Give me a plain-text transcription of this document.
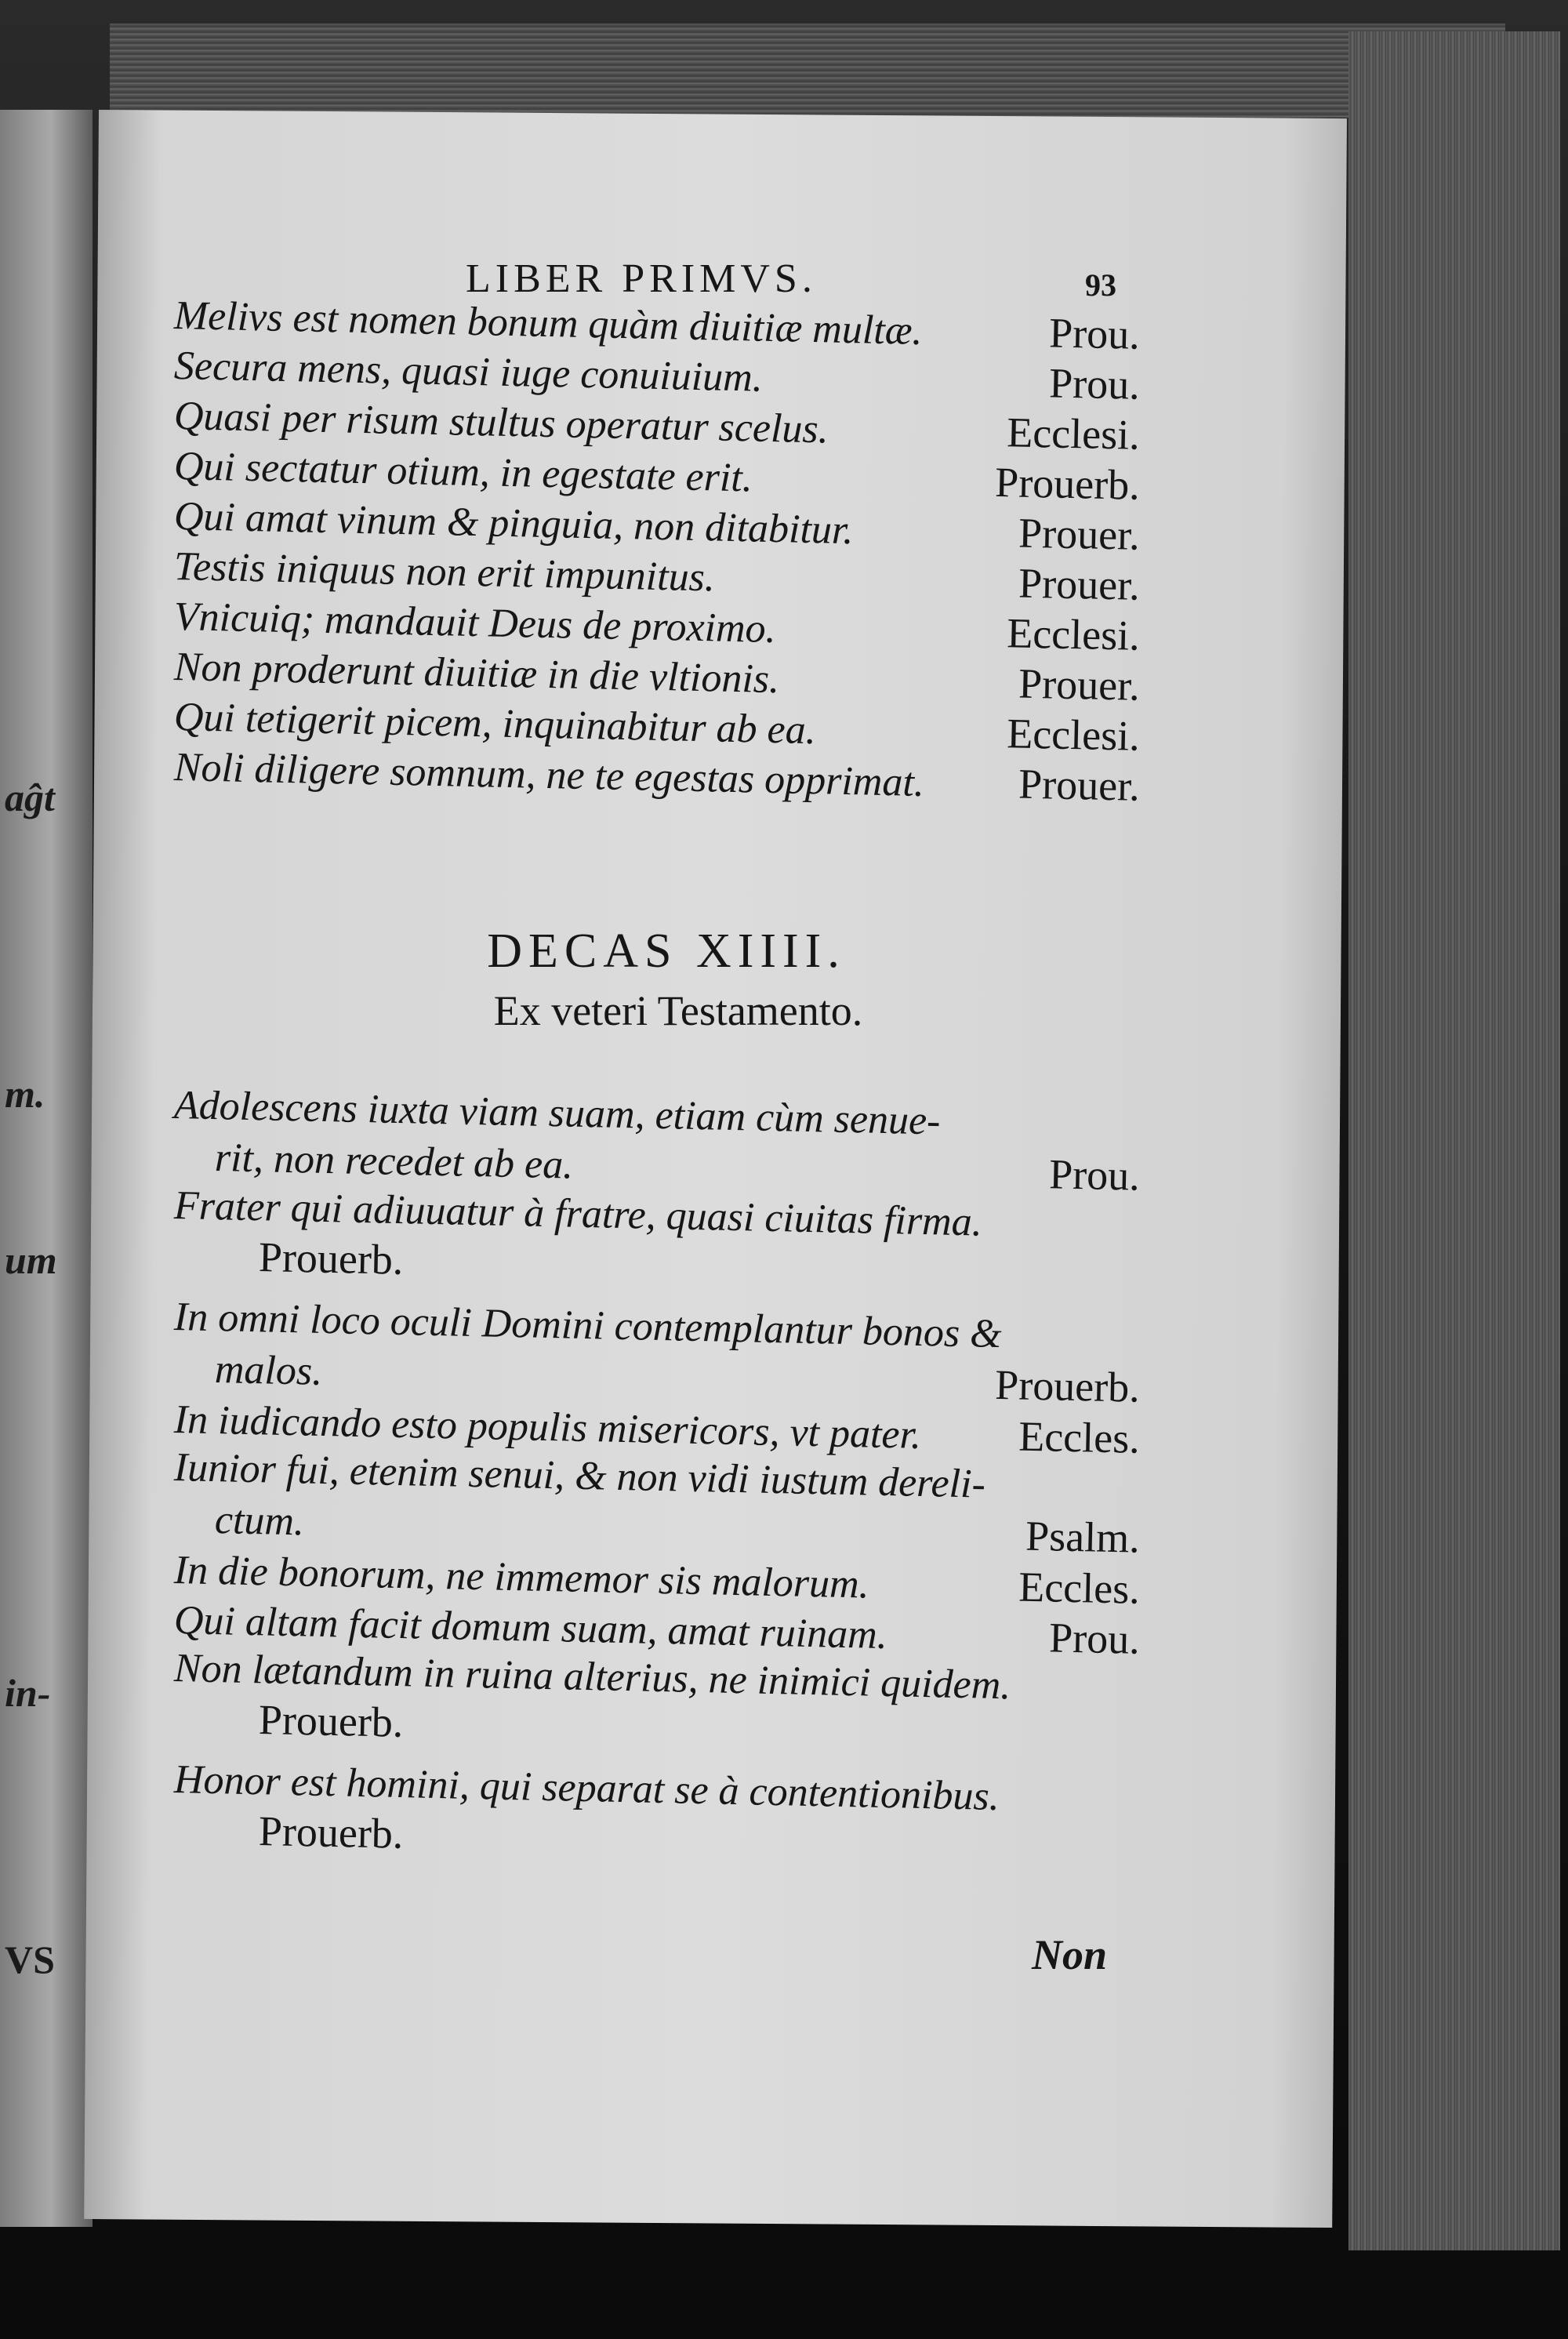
aĝt
m.
um
in-
VS
LIBER PRIMVS.	93
Melivs est nomen bonum quàm diuitiæ multæ.	Prou.
Secura mens, quasi iuge conuiuium.	Prou.
Quasi per risum stultus operatur scelus.	Ecclesi.
Qui sectatur otium, in egestate erit.	Prouerb.
Qui amat vinum & pinguia, non ditabitur.	Prouer.
Testis iniquus non erit impunitus.	Prouer.
Vnicuiq; mandauit Deus de proximo.	Ecclesi.
Non proderunt diuitiæ in die vltionis.	Prouer.
Qui tetigerit picem, inquinabitur ab ea.	Ecclesi.
Noli diligere somnum, ne te egestas opprimat. Prouer.
DECAS XIIII.
Ex veteri Testamento.
Adolescens iuxta viam suam, etiam cùm senue-
rit, non recedet ab ea.	Prou.
Frater qui adiuuatur à fratre, quasi ciuitas firma.
Prouerb.
In omni loco oculi Domini contemplantur bonos &
malos.	Prouerb.
In iudicando esto populis misericors, vt pater. Eccles.
Iunior fui, etenim senui, & non vidi iustum dereli-
ctum.	Psalm.
In die bonorum, ne immemor sis malorum.	Eccles.
Qui altam facit domum suam, amat ruinam.	Prou.
Non lætandum in ruina alterius, ne inimici quidem.
Prouerb.
Honor est homini, qui separat se à contentionibus.
Prouerb.
Non
